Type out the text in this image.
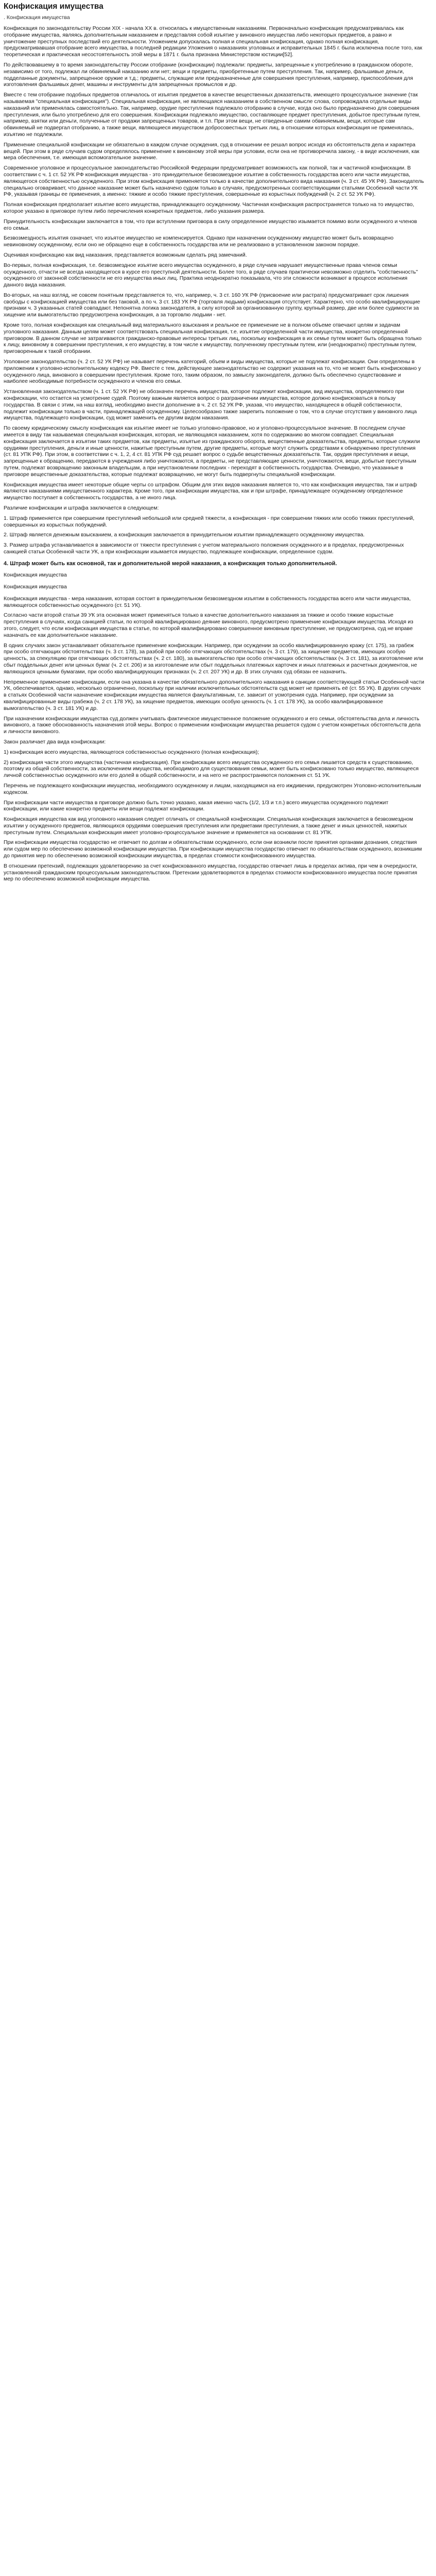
Конфискация имущества
. Конфискация имущества

Конфискация по законодательству России XIX - начала XX в. относилась к имущественным наказаниям. Первоначально конфискация предусматривалась как отобрание имущества, являясь дополнительным наказанием и представляя собой изъятие у виновного имущества либо некоторых предметов, а равно и уничтожение преступных последствий его деятельности. Уложением допускалась полная и специальная конфискация, однако полная конфискация, предусматривавшая отобрание всего имущества, в последней редакции Уложения о наказаниях уголовных и исправительных 1845 г. была исключена после того, как теоретическая и практическая несостоятельность этой меры в 1871 г. была признана Министерством юстиции[52].

По действовавшему в то время законодательству России отобрание (конфискации) подлежали: предметы, запрещенные к употреблению в гражданском обороте, независимо от того, подлежал ли обвиняемый наказанию или нет; вещи и предметы, приобретенные путем преступления. Так, например, фальшивые деньги, подделанные документы, запрещенное оружие и т.д.; предметы, служащие или предназначенные для совершения преступления, например, приспособления для изготовления фальшивых денег, машины и инструменты для запрещенных промыслов и др.

Вместе с тем отобрание подобных предметов отличалось от изъятия предметов в качестве вещественных доказательств, имеющего процессуальное значение (так называемая "специальная конфискация"). Специальная конфискация, не являющаяся наказанием в собственном смысле слова, сопровождала отдельные виды наказаний или применялась самостоятельно. Так, например, орудие преступления подлежало отобранию в случае, когда оно было предназначено для совершения преступления, или было употреблено для его совершения. Конфискации подлежало имущество, составляющее предмет преступления, добытое преступным путем, например, взятки или деньги, полученные от продажи запрещенных товаров, и т.п. При этом вещи, не отведенные самим обвиняемым, вещи, которые сам обвиняемый не подвергал отобранию, а также вещи, являющиеся имуществом добросовестных третьих лиц, в отношении которых конфискация не применялась, изъятию не подлежали.

Применение специальной конфискации не обязательно в каждом случае осуждения, суд в отношении ее решал вопрос исходя из обстоятельств дела и характера вещей. При этом в ряде случаев судом определялось применение к виновному этой меры при условии, если она не противоречила закону, - в виде исключения, как мера обеспечения, т.е. имеющая вспомогательное значение.

Современное уголовное и процессуальное законодательство Российской Федерации предусматривает возможность как полной, так и частичной конфискации. В соответствии с ч. 1 ст. 52 УК РФ конфискация имущества - это принудительное безвозмездное изъятие в собственность государства всего или части имущества, являющегося собственностью осужденного. При этом конфискация применяется только в качестве дополнительного вида наказания (ч. 3 ст. 45 УК РФ). Законодатель специально оговаривает, что данное наказание может быть назначено судом только в случаях, предусмотренных соответствующими статьями Особенной части УК РФ, указывая границы ее применения, а именно: тяжкие и особо тяжкие преступления, совершенные из корыстных побуждений (ч. 2 ст. 52 УК РФ).

Полная конфискация предполагает изъятие всего имущества, принадлежащего осужденному. Частичная конфискация распространяется только на то имущество, которое указано в приговоре путем либо перечисления конкретных предметов, либо указания размера.

Принудительность конфискации заключается в том, что при вступлении приговора в силу определенное имущество изымается помимо воли осужденного и членов его семьи.

Безвозмездность изъятия означает, что изъятое имущество не компенсируется. Однако при назначении осужденному имущество может быть возвращено невиновному осужденному, если оно не обращено еще в собственность государства или не реализовано в установленном законом порядке.

Оценивая конфискацию как вид наказания, представляется возможным сделать ряд замечаний.

Во-первых, полная конфискация, т.е. безвозмездное изъятие всего имущества осужденного, в ряде случаев нарушает имущественные права членов семьи осужденного, отчасти не всегда находящегося в курсе его преступной деятельности. Более того, в ряде случаев практически невозможно отделить "собственность" осужденного от законной собственности не его имущества иных лиц. Практика неоднократно показывала, что эти сложности возникают в процессе исполнения данного вида наказания.

Во-вторых, на наш взгляд, не совсем понятным представляется то, что, например, ч. 3 ст. 160 УК РФ (присвоение или растрата) предусматривает срок лишения свободы с конфискацией имущества или без таковой, а по ч. 3 ст. 183 УК РФ (торговля людьми) конфискация отсутствует. Характерно, что особо квалифицирующие признаки ч. 3 указанных статей совпадают. Непонятна логика законодателя, в силу которой за организованную группу, крупный размер, две или более судимости за хищение или вымогательство предусмотрена конфискация, а за торговлю людьми - нет.

Кроме того, полная конфискация как специальный вид материального взыскания и реальное ее применение не в полном объеме отвечают целям и задачам уголовного наказания. Данным целям может соответствовать специальная конфискация, т.е. изъятие определенной части имущества, конкретно определенной приговором. В данном случае не затрагиваются гражданско-правовые интересы третьих лиц, поскольку конфискация в их семье путем может быть обращена только к лицу, виновному в совершении преступления, к его имуществу, в том числе к имуществу, полученному преступным путем, или (неоднократно) преступным путем, приговоренным к такой отобрании.

Уголовное законодательство (ч. 2 ст. 52 УК РФ) не называет перечень категорий, объем и виды имущества, которые не подлежат конфискации. Они определены в приложении к уголовно-исполнительному кодексу РФ. Вместе с тем, действующее законодательство не содержит указания на то, что не может быть конфисковано у осужденного лица, виновного в совершении преступления. Кроме того, таким образом, по замыслу законодателя, должно быть обеспечено существование и наиболее необходимые потребности осужденного и членов его семьи.

Установленная законодательством (ч. 1 ст. 52 УК РФ) не обозначен перечень имущества, которое подлежит конфискации, вид имущества, определяемого при конфискации, что остается на усмотрение судей. Поэтому важным является вопрос о разграничении имущества, которое должно конфисковаться в пользу государства. В связи с этим, на наш взгляд, необходимо внести дополнение в ч. 2 ст. 52 УК РФ, указав, что имущество, находящееся в общей собственности, подлежит конфискации только в части, принадлежащей осужденному. Целесообразно также закрепить положение о том, что в случае отсутствия у виновного лица имущества, подлежащего конфискации, суд может заменить ее другим видом наказания.

По своему юридическому смыслу конфискация как изъятие имеет не только уголовно-правовое, но и уголовно-процессуальное значение. В последнем случае имеется в виду так называемая специальная конфискация, которая, не являющаяся наказанием, хотя по содержанию во многом совпадает. Специальная конфискация заключается в изъятии таких предметов, как предметы, изъятые из гражданского оборота, вещественные доказательства, предметы, которые служили орудиями преступления, деньги и иные ценности, нажитые преступным путем, другие предметы, которые могут служить средствами к обнаружению преступления (ст. 81 УПК РФ). При этом, в соответствии с ч. 1, 2, 4 ст. 81 УПК РФ суд решает вопрос о судьбе вещественных доказательств. Так, орудия преступления и вещи, запрещенные к обращению, передаются в учреждения либо уничтожаются, а предметы, не представляющие ценности, уничтожаются, вещи, добытые преступным путем, подлежат возвращению законным владельцам, а при неустановлении последних - переходят в собственность государства. Очевидно, что указанные в приговоре вещественные доказательства, которые подлежат возвращению, не могут быть подвергнуты специальной конфискации.

Конфискация имущества имеет некоторые общие черты со штрафом. Общим для этих видов наказания является то, что как конфискация имущества, так и штраф являются наказаниями имущественного характера. Кроме того, при конфискации имущества, как и при штрафе, принадлежащее осужденному определенное имущество поступает в собственность государства, а не иного лица.

Различие конфискации и штрафа заключается в следующем:

1. Штраф применяется при совершении преступлений небольшой или средней тяжести, а конфискация - при совершении тяжких или особо тяжких преступлений, совершенных из корыстных побуждений.

2. Штраф является денежным взысканием, а конфискация заключается в принудительном изъятии принадлежащего осужденному имущества.

3. Размер штрафа устанавливается в зависимости от тяжести преступления с учетом материального положения осужденного и в пределах, предусмотренных санкцией статьи Особенной части УК, а при конфискации изымается имущество, подлежащее конфискации, определенное судом.

4. Штраф может быть как основной, так и дополнительной мерой наказания, а конфискация только дополнительной.
Конфискация имущества
Конфискация имущества

Конфискация имущества - мера наказания, которая состоит в принудительном безвозмездном изъятии в собственность государства всего или части имущества, являющегося собственностью осужденного (ст. 51 УК).

Согласно части второй статьи 39 УК эта основная может применяться только в качестве дополнительного наказания за тяжкие и особо тяжкие корыстные преступления в случаях, когда санкцией статьи, по которой квалифицировано деяние виновного, предусмотрено применение конфискации имущества. Исходя из этого, следует, что если конфискация имущества в статье, по которой квалифицировано совершенное виновным преступление, не предусмотрена, суд не вправе назначать ее как дополнительное наказание.

В одних случаях закон устанавливает обязательное применение конфискации. Например, при осуждении за особо квалифицированную кражу (ст. 175), за грабеж при особо отягчающих обстоятельствах (ч. 3 ст. 178), за разбой при особо отягчающих обстоятельствах (ч. 3 ст. 179), за хищение предметов, имеющих особую ценность, за спекуляцию при отягчающих обстоятельствах (ч. 2 ст. 180), за вымогательство при особо отягчающих обстоятельствах (ч. 3 ст. 181), за изготовление или сбыт поддельных денег или ценных бумаг (ч. 2 ст. 206) и за изготовление или сбыт поддельных платежных карточек и иных платежных и расчетных документов, не являющихся ценными бумагами, при особо квалифицирующих признаках (ч. 2 ст. 207 УК) и др. В этих случаях суд обязан ее назначить.

Непременное применение конфискации, если она указана в качестве обязательного дополнительного наказания в санкции соответствующей статьи Особенной части УК, обеспечивается, однако, несколько ограниченно, поскольку при наличии исключительных обстоятельств суд может не применять её (ст. 55 УК). В других случаях в статьях Особенной части назначение конфискации имущества является факультативным, т.е. зависит от усмотрения суда. Например, при осуждении за квалифицированные виды грабежа (ч. 2 ст. 178 УК), за хищение предметов, имеющих особую ценность (ч. 1 ст. 178 УК), за особо квалифицированное вымогательство (ч. 3 ст. 181 УК) и др.

При назначении конфискации имущества суд должен учитывать фактическое имущественное положение осужденного и его семьи, обстоятельства дела и личность виновного, а также обоснованность назначения этой меры. Вопрос о применении конфискации имущества решается судом с учетом конкретных обстоятельств дела и личности виновного.

Закон различает два вида конфискации:

1) конфискация всего имущества, являющегося собственностью осужденного (полная конфискация);

2) конфискация части этого имущества (частичная конфискация). При конфискации всего имущества осужденного его семья лишается средств к существованию, поэтому из общей собственности, за исключением имущества, необходимого для существования семьи, может быть конфисковано только имущество, являющееся личной собственностью осужденного или его долей в общей собственности, и на него не распространяются положения ст. 51 УК.

Перечень не подлежащего конфискации имущества, необходимого осужденному и лицам, находящимся на его иждивении, предусмотрен Уголовно-исполнительным кодексом.

При конфискации части имущества в приговоре должно быть точно указано, какая именно часть (1/2, 1/3 и т.п.) всего имущества осужденного подлежит конфискации, или какие конкретно предметы или вещи подлежат конфискации.

Конфискация имущества как вид уголовного наказания следует отличать от специальной конфискации. Специальная конфискация заключается в безвозмездном изъятии у осужденного предметов, являющихся орудиями совершения преступления или предметами преступления, а также денег и иных ценностей, нажитых преступным путем. Специальная конфискация имеет уголовно-процессуальное значение и применяется на основании ст. 81 УПК.

При конфискации имущества государство не отвечает по долгам и обязательствам осужденного, если они возникли после принятия органами дознания, следствия или судом мер по обеспечению возможной конфискации имущества. При конфискации имущества государство отвечает по обязательствам осужденного, возникшим до принятия мер по обеспечению возможной конфискации имущества, в пределах стоимости конфискованного имущества.

В отношении претензий, подлежащих удовлетворению за счет конфискованного имущества, государство отвечает лишь в пределах актива, при чем в очередности, установленной гражданским процессуальным законодательством. Претензии удовлетворяются в пределах стоимости конфискованного имущества после принятия мер по обеспечению возможной конфискации имущества.
